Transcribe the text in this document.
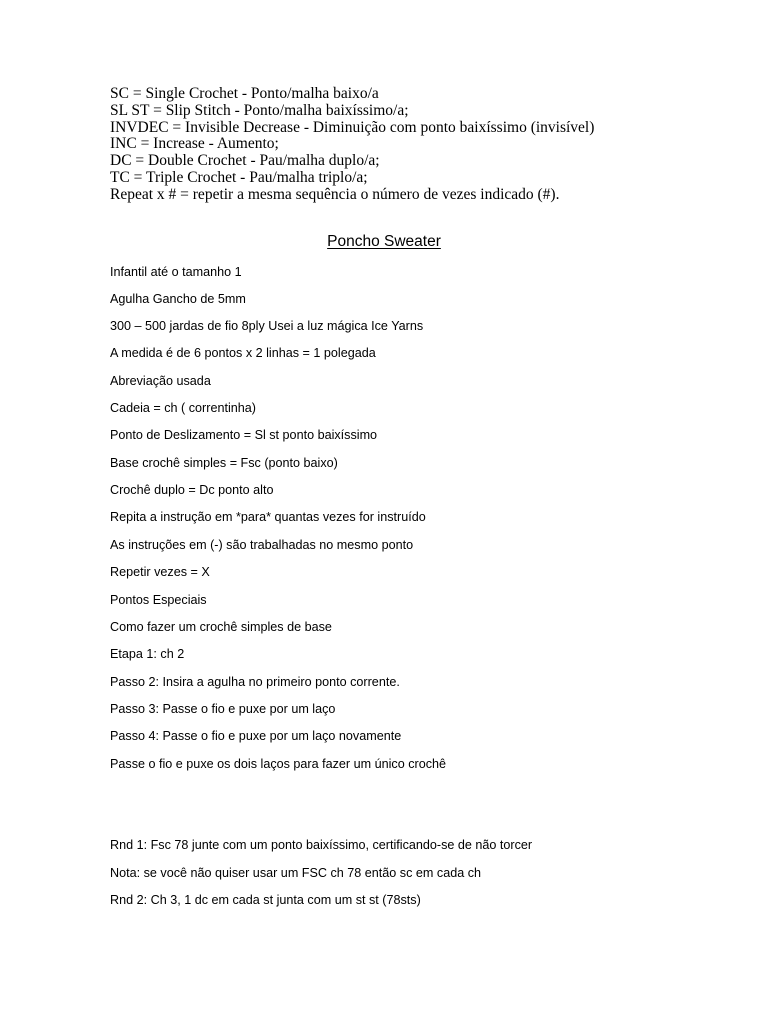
SC = Single Crochet - Ponto/malha baixo/a
SL ST = Slip Stitch - Ponto/malha baixíssimo/a;
INVDEC = Invisible Decrease - Diminuição com ponto baixíssimo (invisível)
INC = Increase - Aumento;
DC = Double Crochet - Pau/malha duplo/a;
TC = Triple Crochet - Pau/malha triplo/a;
Repeat x # = repetir a mesma sequência o número de vezes indicado (#).
Poncho Sweater
Infantil até o tamanho 1
Agulha Gancho de 5mm
300 – 500 jardas de fio 8ply Usei a luz mágica Ice Yarns
A medida é de 6 pontos x 2 linhas = 1 polegada
Abreviação usada
Cadeia = ch ( correntinha)
Ponto de Deslizamento = Sl st ponto baixíssimo
Base crochê simples = Fsc (ponto baixo)
Crochê duplo = Dc ponto alto
Repita a instrução em *para* quantas vezes for instruído
As instruções em (-) são trabalhadas no mesmo ponto
Repetir vezes = X
Pontos Especiais
Como fazer um crochê simples de base
Etapa 1: ch 2
Passo 2: Insira a agulha no primeiro ponto corrente.
Passo 3: Passe o fio e puxe por um laço
Passo 4: Passe o fio e puxe por um laço novamente
Passe o fio e puxe os dois laços para fazer um único crochê
Rnd 1: Fsc 78 junte com um ponto baixíssimo, certificando-se de não torcer
Nota: se você não quiser usar um FSC ch 78 então sc em cada ch
Rnd 2: Ch 3, 1 dc em cada st junta com um st st (78sts)
